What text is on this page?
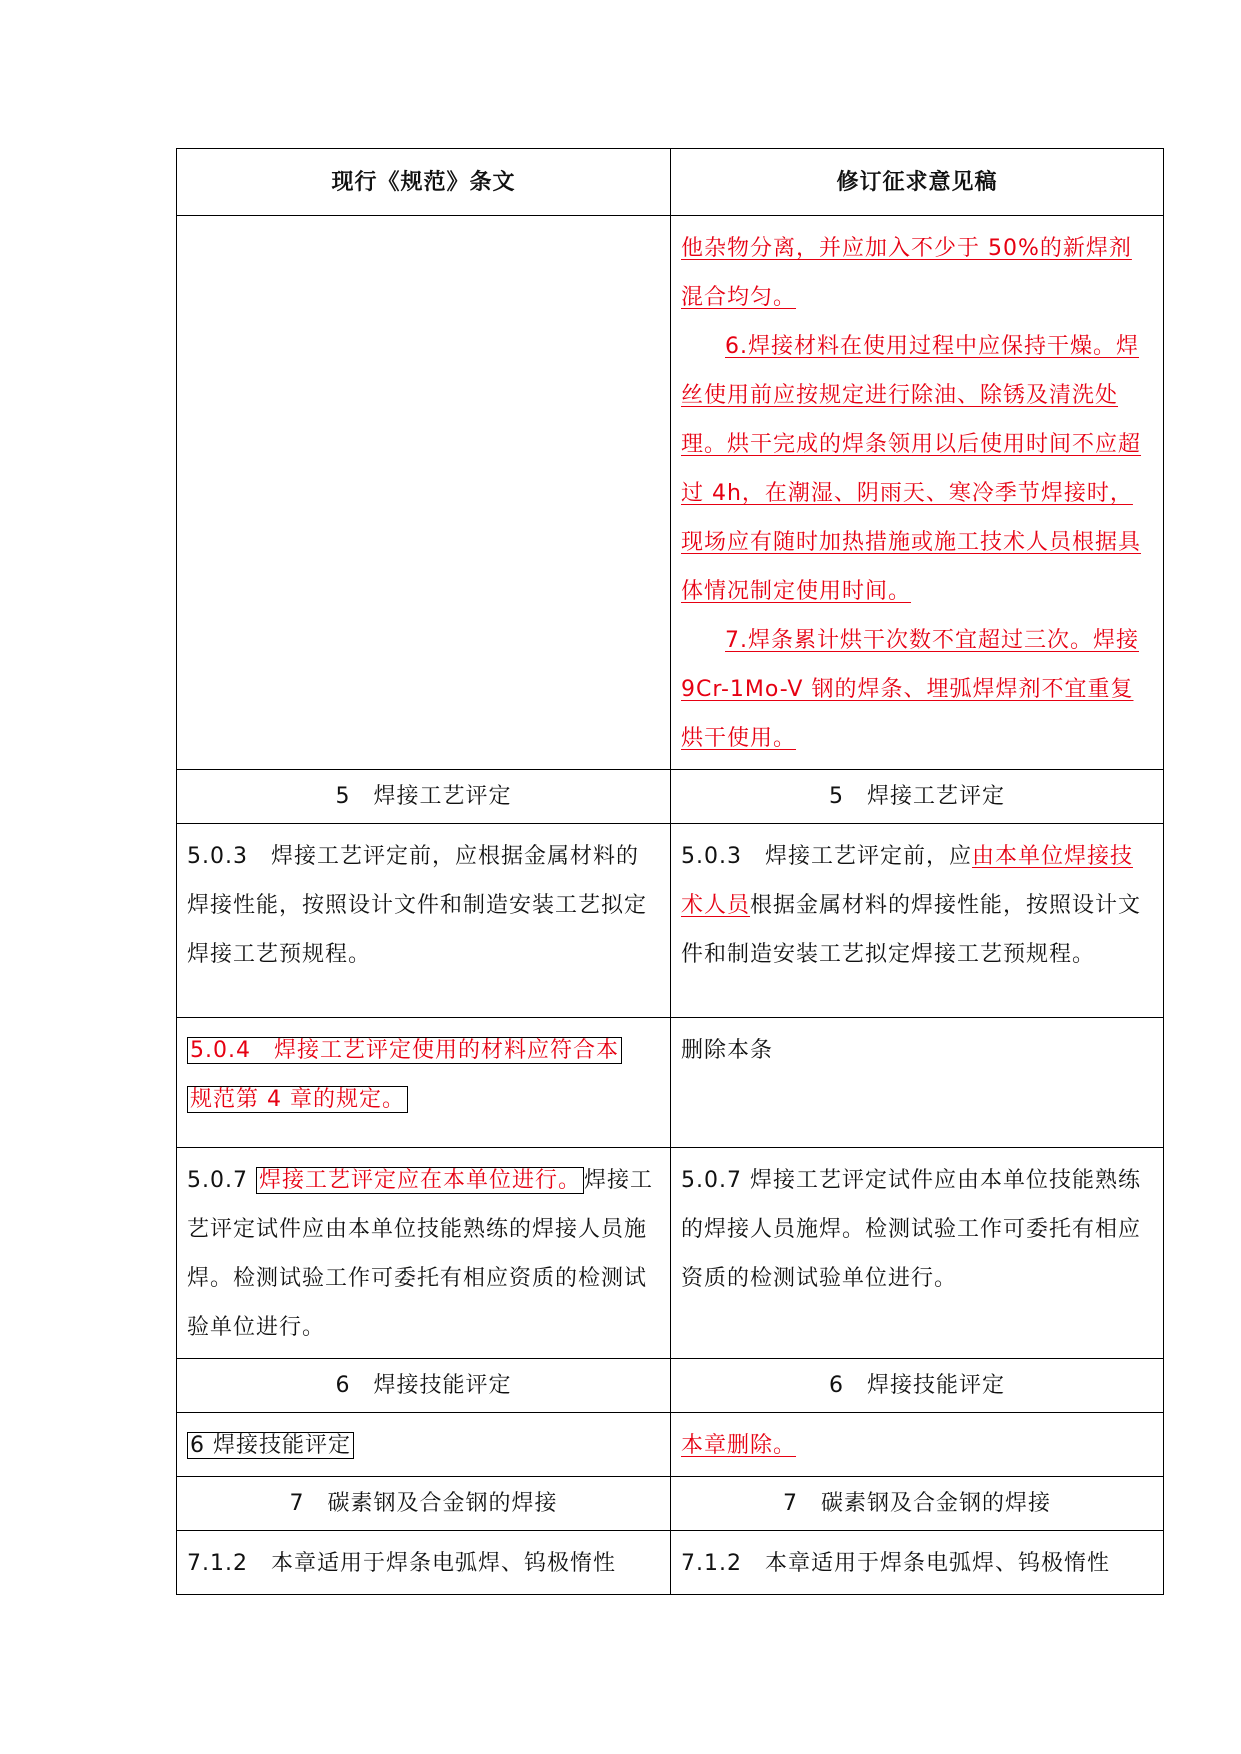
现行《规范》条文	修订征求意见稿

	他杂物分离，并应加入不少于 50%的新焊剂混合均匀。

6.焊接材料在使用过程中应保持干燥。焊丝使用前应按规定进行除油、除锈及清洗处理。烘干完成的焊条领用以后使用时间不应超过 4h，在潮湿、阴雨天、寒冷季节焊接时，现场应有随时加热措施或施工技术人员根据具体情况制定使用时间。

7.焊条累计烘干次数不宜超过三次。焊接 9Cr-1Mo-V 钢的焊条、埋弧焊焊剂不宜重复烘干使用。

5　焊接工艺评定	5　焊接工艺评定
5.0.3　焊接工艺评定前，应根据金属材料的焊接性能，按照设计文件和制造安装工艺拟定焊接工艺预规程。	5.0.3　焊接工艺评定前，应由本单位焊接技术人员根据金属材料的焊接性能，按照设计文件和制造安装工艺拟定焊接工艺预规程。
5.0.4　焊接工艺评定使用的材料应符合本
规范第 4 章的规定。	删除本条
5.0.7 焊接工艺评定应在本单位进行。 焊接工艺评定试件应由本单位技能熟练的焊接人员施焊。检测试验工作可委托有相应资质的检测试验单位进行。	5.0.7 焊接工艺评定试件应由本单位技能熟练的焊接人员施焊。检测试验工作可委托有相应资质的检测试验单位进行。
6　焊接技能评定	6　焊接技能评定
6 焊接技能评定	本章删除。
7　碳素钢及合金钢的焊接	7　碳素钢及合金钢的焊接
7.1.2　本章适用于焊条电弧焊、钨极惰性	7.1.2　本章适用于焊条电弧焊、钨极惰性
